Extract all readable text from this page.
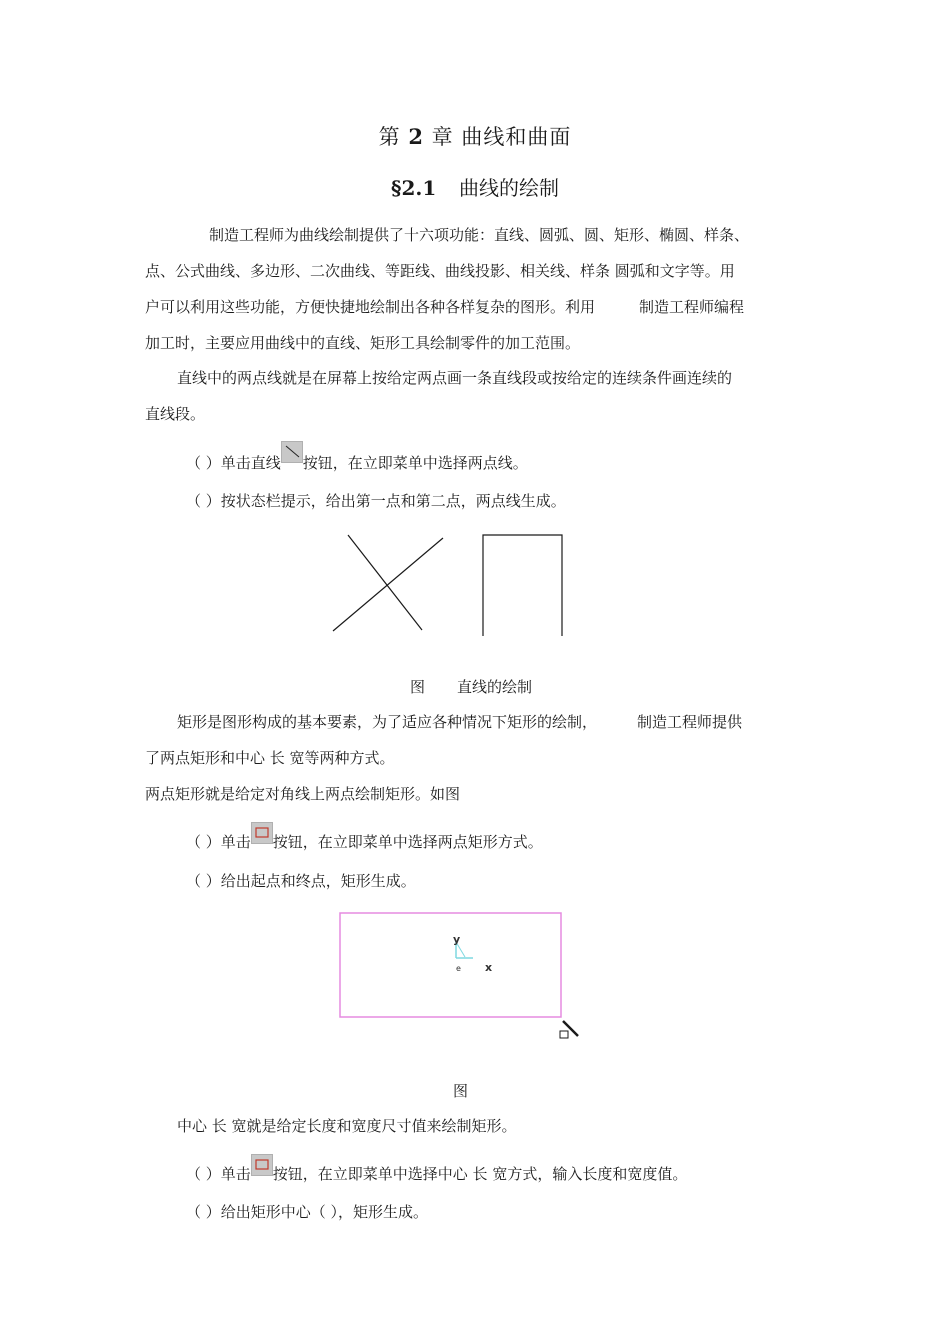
第 2 章 曲线和曲面
§2.1 曲线的绘制
制造工程师为曲线绘制提供了十六项功能：直线、圆弧、圆、矩形、椭圆、样条、
点、公式曲线、多边形、二次曲线、等距线、曲线投影、相关线、样条 圆弧和文字等。用
户可以利用这些功能，方便快捷地绘制出各种各样复杂的图形。利用	制造工程师编程
加工时，主要应用曲线中的直线、矩形工具绘制零件的加工范围。
直线中的两点线就是在屏幕上按给定两点画一条直线段或按给定的连续条件画连续的
直线段。
（ ）单击直线 按钮，在立即菜单中选择两点线。
（ ）按状态栏提示，给出第一点和第二点，两点线生成。
图 直线的绘制
矩形是图形构成的基本要素，为了适应各种情况下矩形的绘制，	制造工程师提供
了两点矩形和中心 长 宽等两种方式。
两点矩形就是给定对角线上两点绘制矩形。如图
（ ）单击 按钮，在立即菜单中选择两点矩形方式。
（ ）给出起点和终点，矩形生成。
y
x
e
图
中心 长 宽就是给定长度和宽度尺寸值来绘制矩形。
（ ）单击 按钮，在立即菜单中选择中心 长 宽方式，输入长度和宽度值。
（ ）给出矩形中心（ ），矩形生成。
